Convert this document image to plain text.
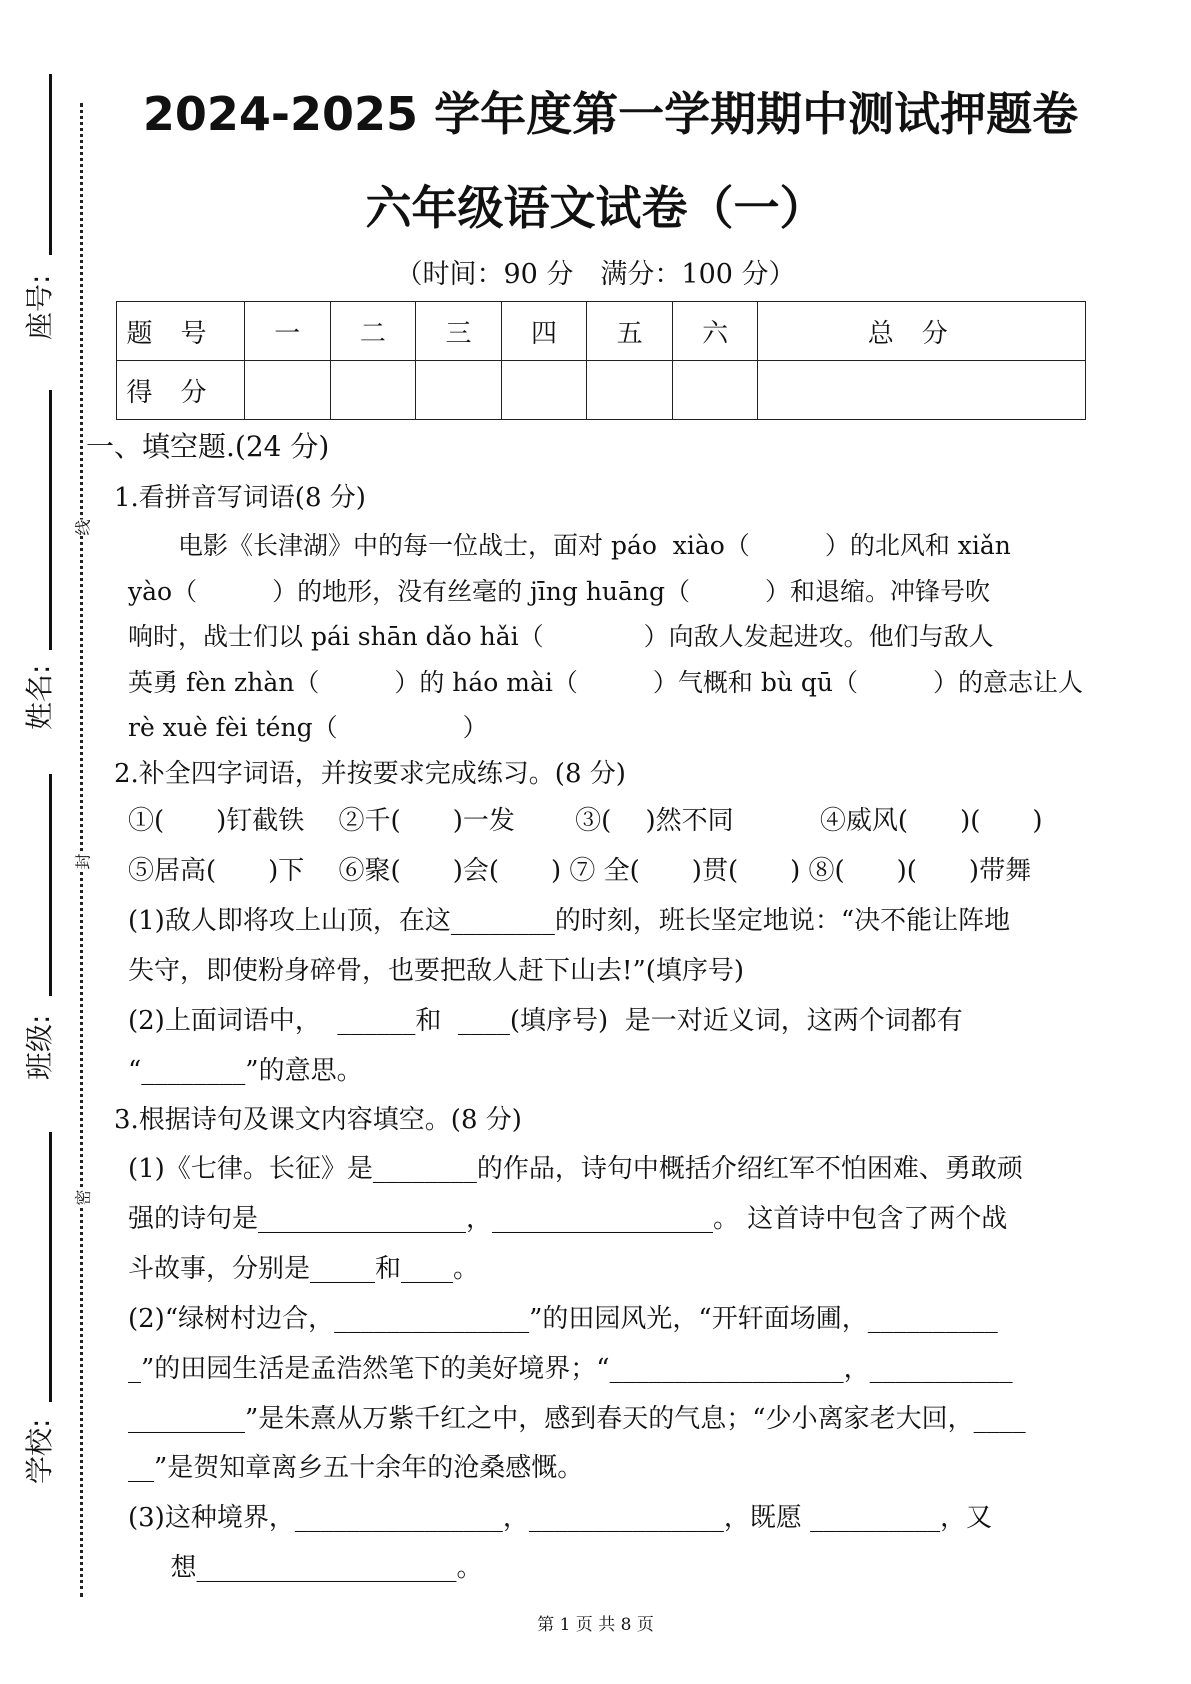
座号:
姓名:
班级:
学校:
线
封
密
2024-2025 学年度第一学期期中测试押题卷
六年级语文试卷（一）
（时间：90 分　满分：100 分）
题号	一	二	三	四	五	六	总分
得分							
一、填空题.(24 分)
1.看拼音写词语(8 分)
　　电影《长津湖》中的每一位战士，面对 páo  xiào（　　　）的北风和 xiǎn
yào（　　　）的地形，没有丝毫的 jīng huāng（　　　）和退缩。冲锋号吹
响时，战士们以 pái shān dǎo hǎi（　　　　）向敌人发起进攻。他们与敌人
英勇 fèn zhàn（　　　）的 háo mài（　　　）气概和 bù qū（　　　）的意志让人
rè xuè fèi téng（　　　　　）
2.补全四字词语，并按要求完成练习。(8 分)
①(　　)钉截铁　 ②千(　　)一发　　 ③(　 )然不同　　　 ④威风(　　)(　　)
⑤居高(　　)下　 ⑥聚(　　)会(　　) ⑦ 全(　　)贯(　　) ⑧(　　)(　　)带舞
(1)敌人即将攻上山顶，在这________的时刻，班长坚定地说：“决不能让阵地
失守，即使粉身碎骨，也要把敌人赶下山去!”(填序号)
(2)上面词语中，  ______和  ____(填序号)  是一对近义词，这两个词都有
“________”的意思。
3.根据诗句及课文内容填空。(8 分)
(1)《七律。长征》是________的作品，诗句中概括介绍红军不怕困难、勇敢顽
强的诗句是________________，_________________。 这首诗中包含了两个战
斗故事，分别是_____和____。
(2)“绿树村边合，_______________”的田园风光，“开轩面场圃，__________
_”的田园生活是孟浩然笔下的美好境界；“__________________，___________
_________”是朱熹从万紫千红之中，感到春天的气息；“少小离家老大回，____
__”是贺知章离乡五十余年的沧桑感慨。
(3)这种境界，________________，_______________，既愿 __________，又
　  想____________________。
第 1 页 共 8 页
